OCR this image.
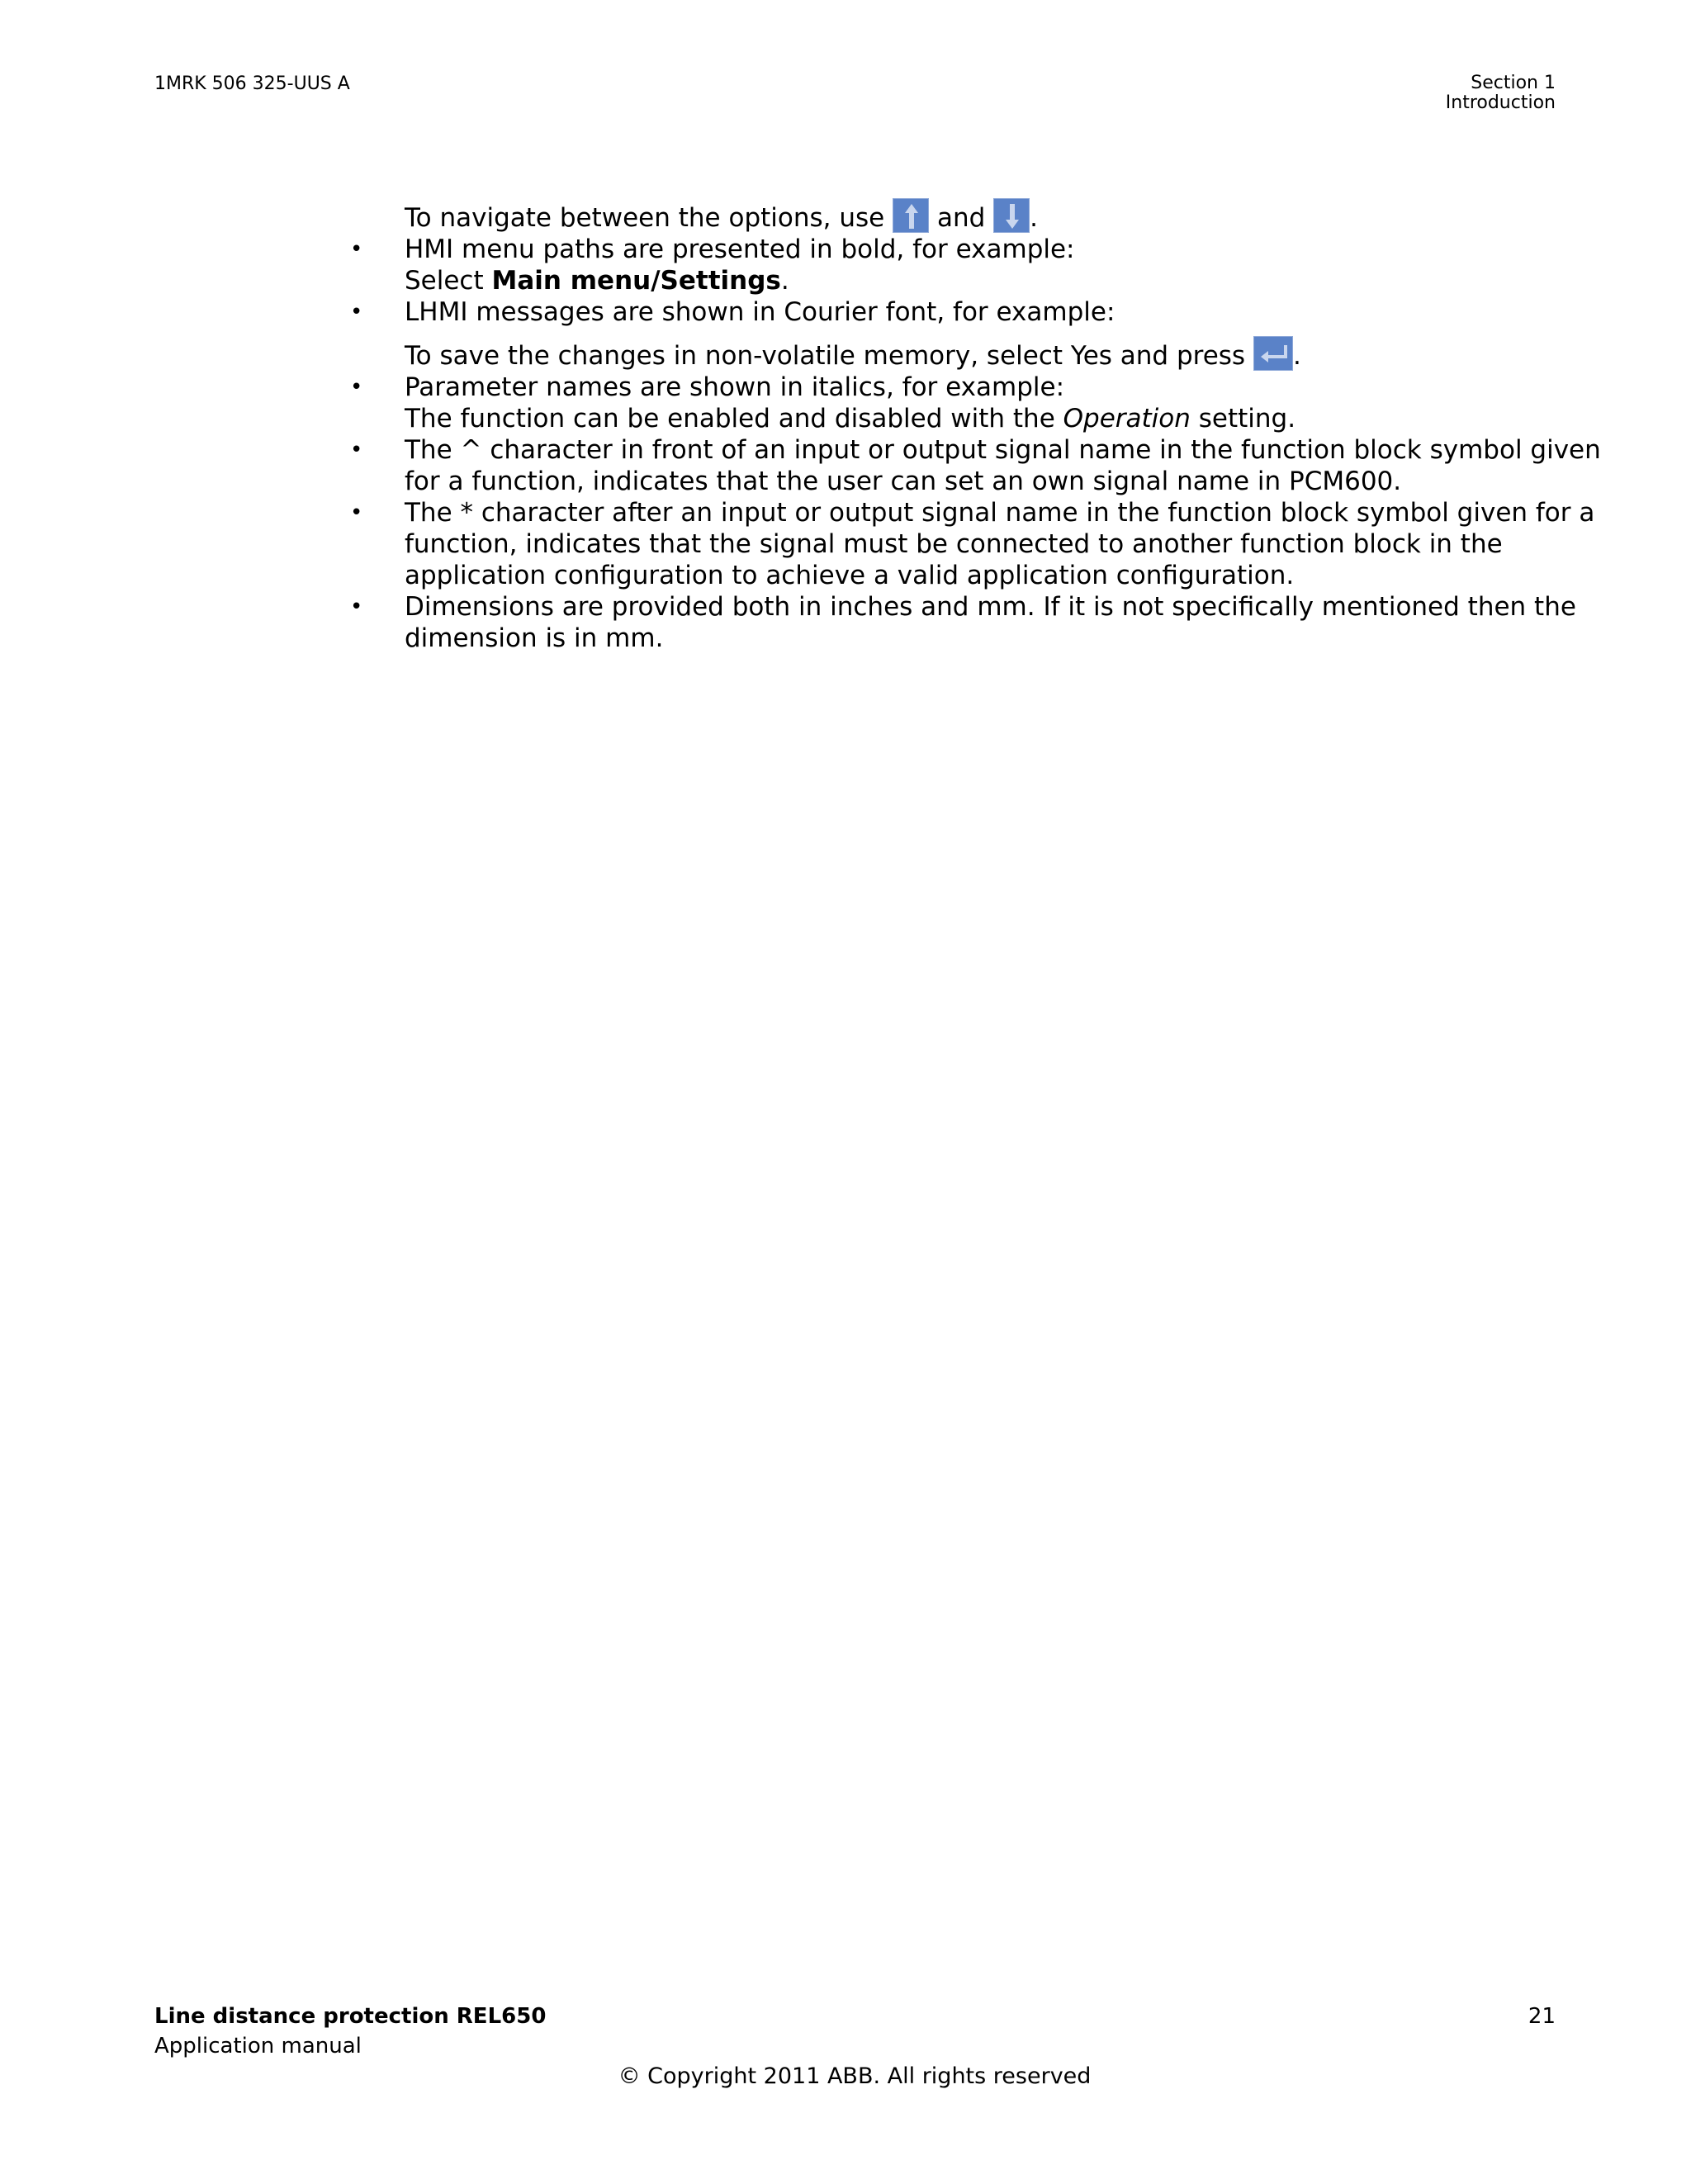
1MRK 506 325-UUS A	Section 1
Introduction
To navigate between the options, use and .
• HMI menu paths are presented in bold, for example:
Select Main menu/Settings.
• LHMI messages are shown in Courier font, for example:
To save the changes in non-volatile memory, select Yes and press .
• Parameter names are shown in italics, for example:
The function can be enabled and disabled with the Operation setting.
• The ^ character in front of an input or output signal name in the function block symbol given
for a function, indicates that the user can set an own signal name in PCM600.
• The * character after an input or output signal name in the function block symbol given for a
function, indicates that the signal must be connected to another function block in the
application configuration to achieve a valid application configuration.
• Dimensions are provided both in inches and mm. If it is not specifically mentioned then the
dimension is in mm.
Line distance protection REL650
Application manual
21
© Copyright 2011 ABB. All rights reserved
